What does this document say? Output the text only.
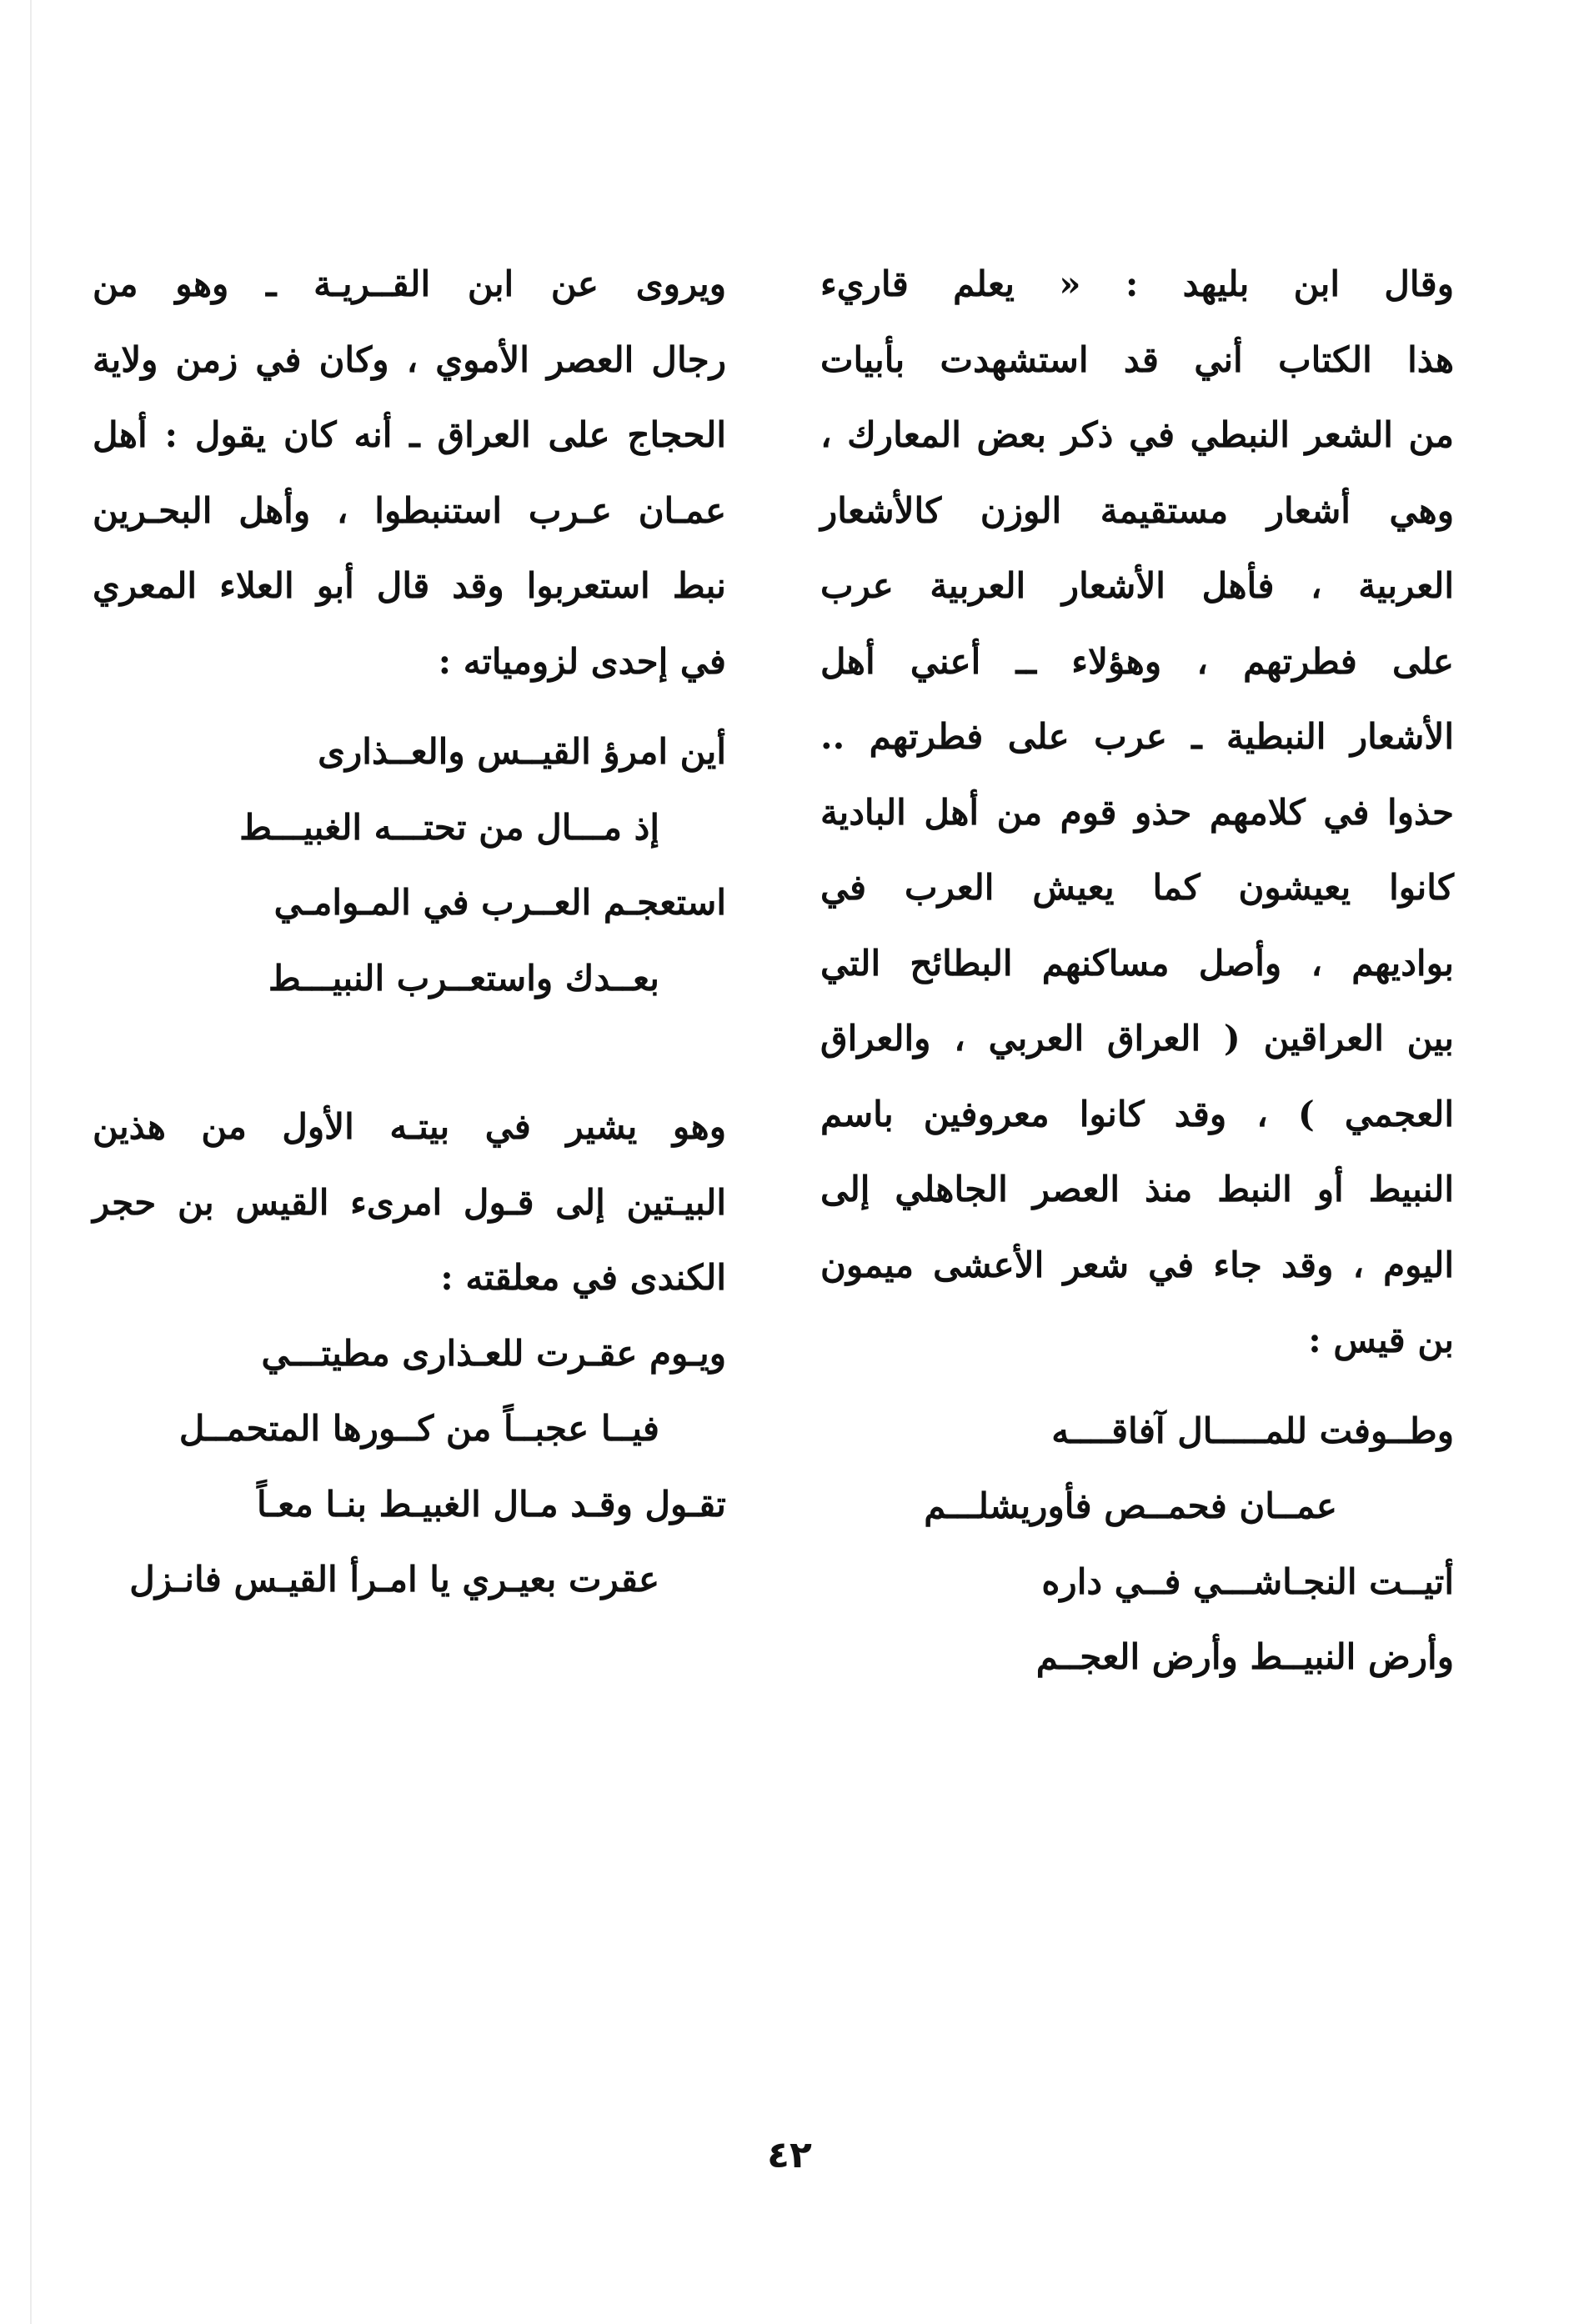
وقال ابن بليهد : « يعلم قاريء
هذا الكتاب أني قد استشهدت بأبيات
من الشعر النبطي في ذكر بعض المعارك ،
وهي أشعار مستقيمة الوزن كالأشعار
العربية ، فأهل الأشعار العربية عرب
على فطرتهم ، وهؤلاء ــ أعني أهل
الأشعار النبطية ـ عرب على فطرتهم ..
حذوا في كلامهم حذو قوم من أهل البادية
كانوا يعيشون كما يعيش العرب في
بواديهم ، وأصل مساكنهم البطائح التي
بين العراقين ( العراق العربي ، والعراق
العجمي ) ، وقد كانوا معروفين باسم
النبيط أو النبط منذ العصر الجاهلي إلى
اليوم ، وقد جاء في شعر الأعشى ميمون
بن قيس :
وطــوفت للمـــــال آفاقــــه
عمــان فحمــص فأوريشلـــم
أتيــت النجـاشـــي فــي داره
وأرض النبيــط وأرض العجــم
ويروى عن ابن القــريـة ـ وهو من
رجال العصر الأموي ، وكان في زمن ولاية
الحجاج على العراق ـ أنه كان يقول : أهل
عمـان عـرب استنبطوا ، وأهل البحـرين
نبط استعربوا وقد قال أبو العلاء المعري
في إحدى لزومياته :
أين امرؤ القيــس والعــذارى
إذ مـــال من تحتـــه الغبيـــط
استعجـم العــرب في المـوامـي
بعــدك واستعــرب النبيـــط
وهو يشير في بيتـه الأول من هذين
البيـتين إلى قـول امرىء القيس بن حجر
الكندى في معلقته :
ويـوم عقـرت للعـذارى مطيتـــي
فيــا عجبــاً من كــورها المتحمــل
تقـول وقـد مـال الغبيـط بنـا معـاً
عقرت بعيـري يا امـرأ القيـس فانـزل
٤٢
